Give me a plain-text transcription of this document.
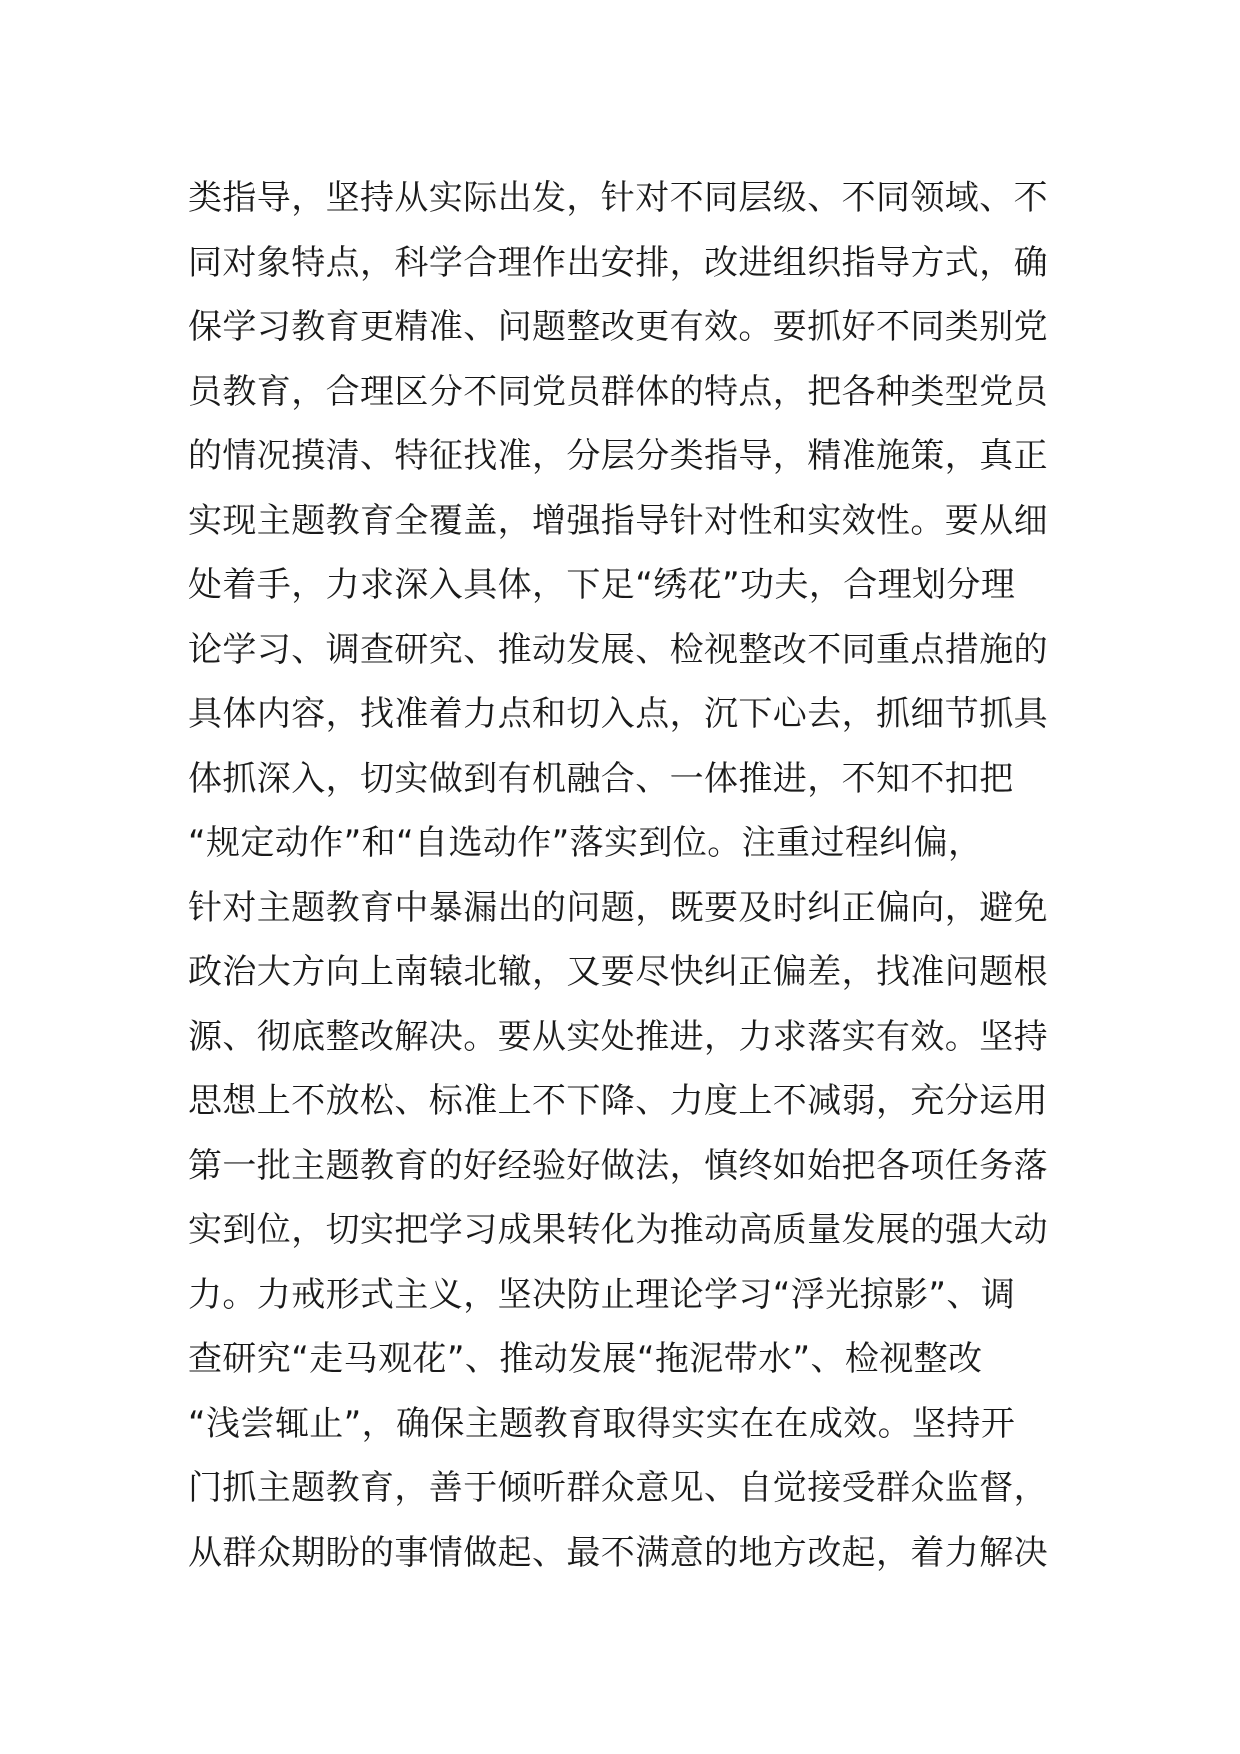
类指导，坚持从实际出发，针对不同层级、不同领域、不
同对象特点，科学合理作出安排，改进组织指导方式，确
保学习教育更精准、问题整改更有效。要抓好不同类别党
员教育，合理区分不同党员群体的特点，把各种类型党员
的情况摸清、特征找准，分层分类指导，精准施策，真正
实现主题教育全覆盖，增强指导针对性和实效性。要从细
处着手，力求深入具体，下足“绣花”功夫，合理划分理
论学习、调查研究、推动发展、检视整改不同重点措施的
具体内容，找准着力点和切入点，沉下心去，抓细节抓具
体抓深入，切实做到有机融合、一体推进，不知不扣把
“规定动作”和“自选动作”落实到位。注重过程纠偏，
针对主题教育中暴漏出的问题，既要及时纠正偏向，避免
政治大方向上南辕北辙，又要尽快纠正偏差，找准问题根
源、彻底整改解决。要从实处推进，力求落实有效。坚持
思想上不放松、标准上不下降、力度上不减弱，充分运用
第一批主题教育的好经验好做法，慎终如始把各项任务落
实到位，切实把学习成果转化为推动高质量发展的强大动
力。力戒形式主义，坚决防止理论学习“浮光掠影”、调
查研究“走马观花”、推动发展“拖泥带水”、检视整改
“浅尝辄止”，确保主题教育取得实实在在成效。坚持开
门抓主题教育，善于倾听群众意见、自觉接受群众监督，
从群众期盼的事情做起、最不满意的地方改起，着力解决
